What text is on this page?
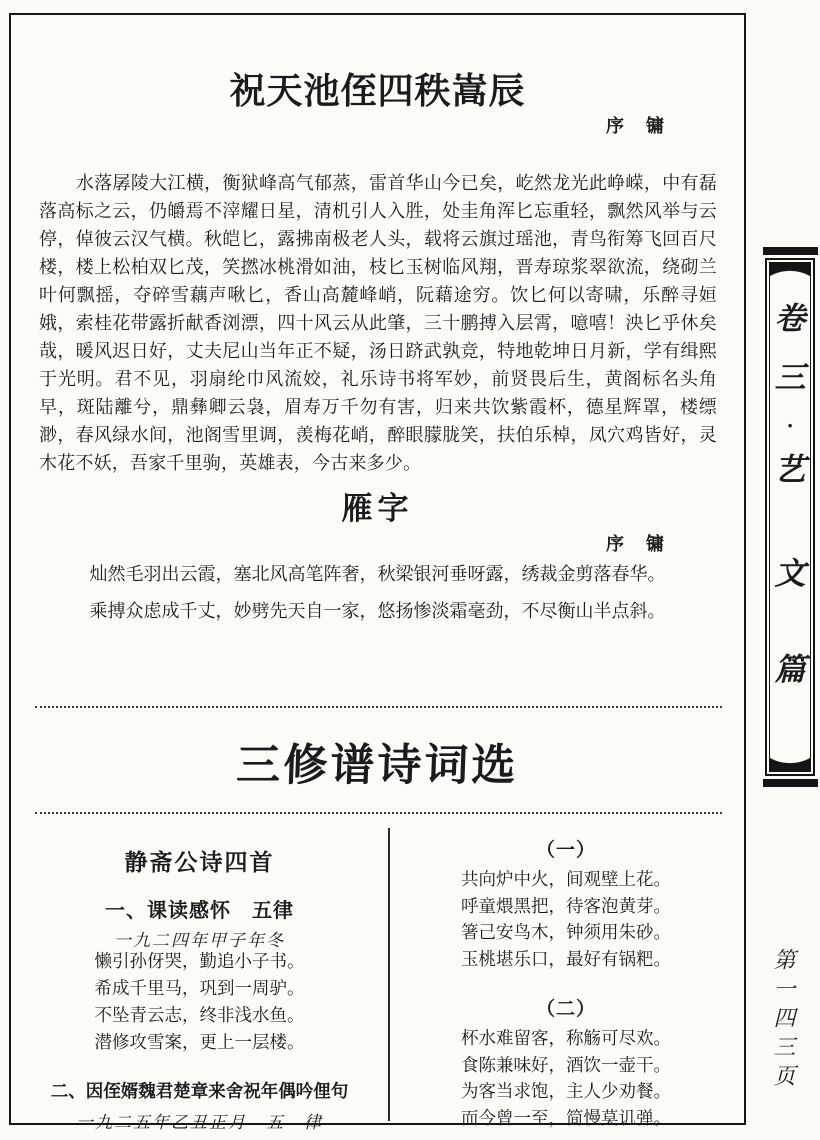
祝天池侄四秩嵩辰
序　镛

水落孱陵大江横，衡狱峰高气郁蒸，雷首华山今已矣，屹然龙光此峥嵘，中有磊落高标之云，仍皭焉不滓耀日星，清机引人入胜，处圭角浑匕忘重轻，飘然风举与云停，倬彼云汉气横。秋皑匕，露拂南极老人头，载将云旗过瑶池，青鸟衔筹飞回百尺楼，楼上松柏双匕茂，笑撚冰桃滑如油，枝匕玉树临风翔，晋寿琼浆翠欲流，绕砌兰叶何飘摇，夺碎雪藕声啾匕，香山高麓峰峭，阮藉途穷。饮匕何以寄啸，乐醉寻姮娥，索桂花带露折献香浏漂，四十风云从此肇，三十鹏搏入层霄，噫嘻！泱匕乎休矣哉，暖风迟日好，丈夫尼山当年正不疑，汤日跻武孰竞，特地乾坤日月新，学有缉熙于光明。君不见，羽扇纶巾风流姣，礼乐诗书将军妙，前贤畏后生，黄阁标名头角早，斑陆離兮，鼎彝卿云袅，眉寿万千勿有害，归来共饮紫霞杯，德星辉罩，楼缥渺，春风绿水间，池阁雪里调，羡梅花峭，醉眼朦胧笑，扶伯乐棹，凤穴鸡皆好，灵木花不妖，吾家千里驹，英雄表，今古来多少。

雁字
序　镛
灿然毛羽出云霞，塞北风高笔阵奢，秋梁银河垂呀露，绣裁金剪落春华。
乘搏众虑成千丈，妙劈先天自一家，悠扬惨淡霜毫劲，不尽衡山半点斜。
三修谱诗词选
静斋公诗四首
一、课读感怀　五律
一九二四年甲子年冬
懒引孙伢哭，勤追小子书。
希成千里马，巩到一周驴。
不坠青云志，终非浅水鱼。
潜修攻雪案，更上一层楼。
二、因侄婿魏君楚章来舍祝年偶吟俚句
一九二五年乙丑正月　五　律
（一）
共向炉中火，间观壁上花。
呼童煨黑把，待客泡黄芽。
箸己安鸟木，钟须用朱砂。
玉桃堪乐口，最好有锅粑。
（二）
杯水难留客，称觞可尽欢。
食陈兼味好，酒饮一壶干。
为客当求饱，主人少劝餐。
而今曾一至，简慢莫讥弹。
卷
三
·
艺
文
篇
第一四三页
